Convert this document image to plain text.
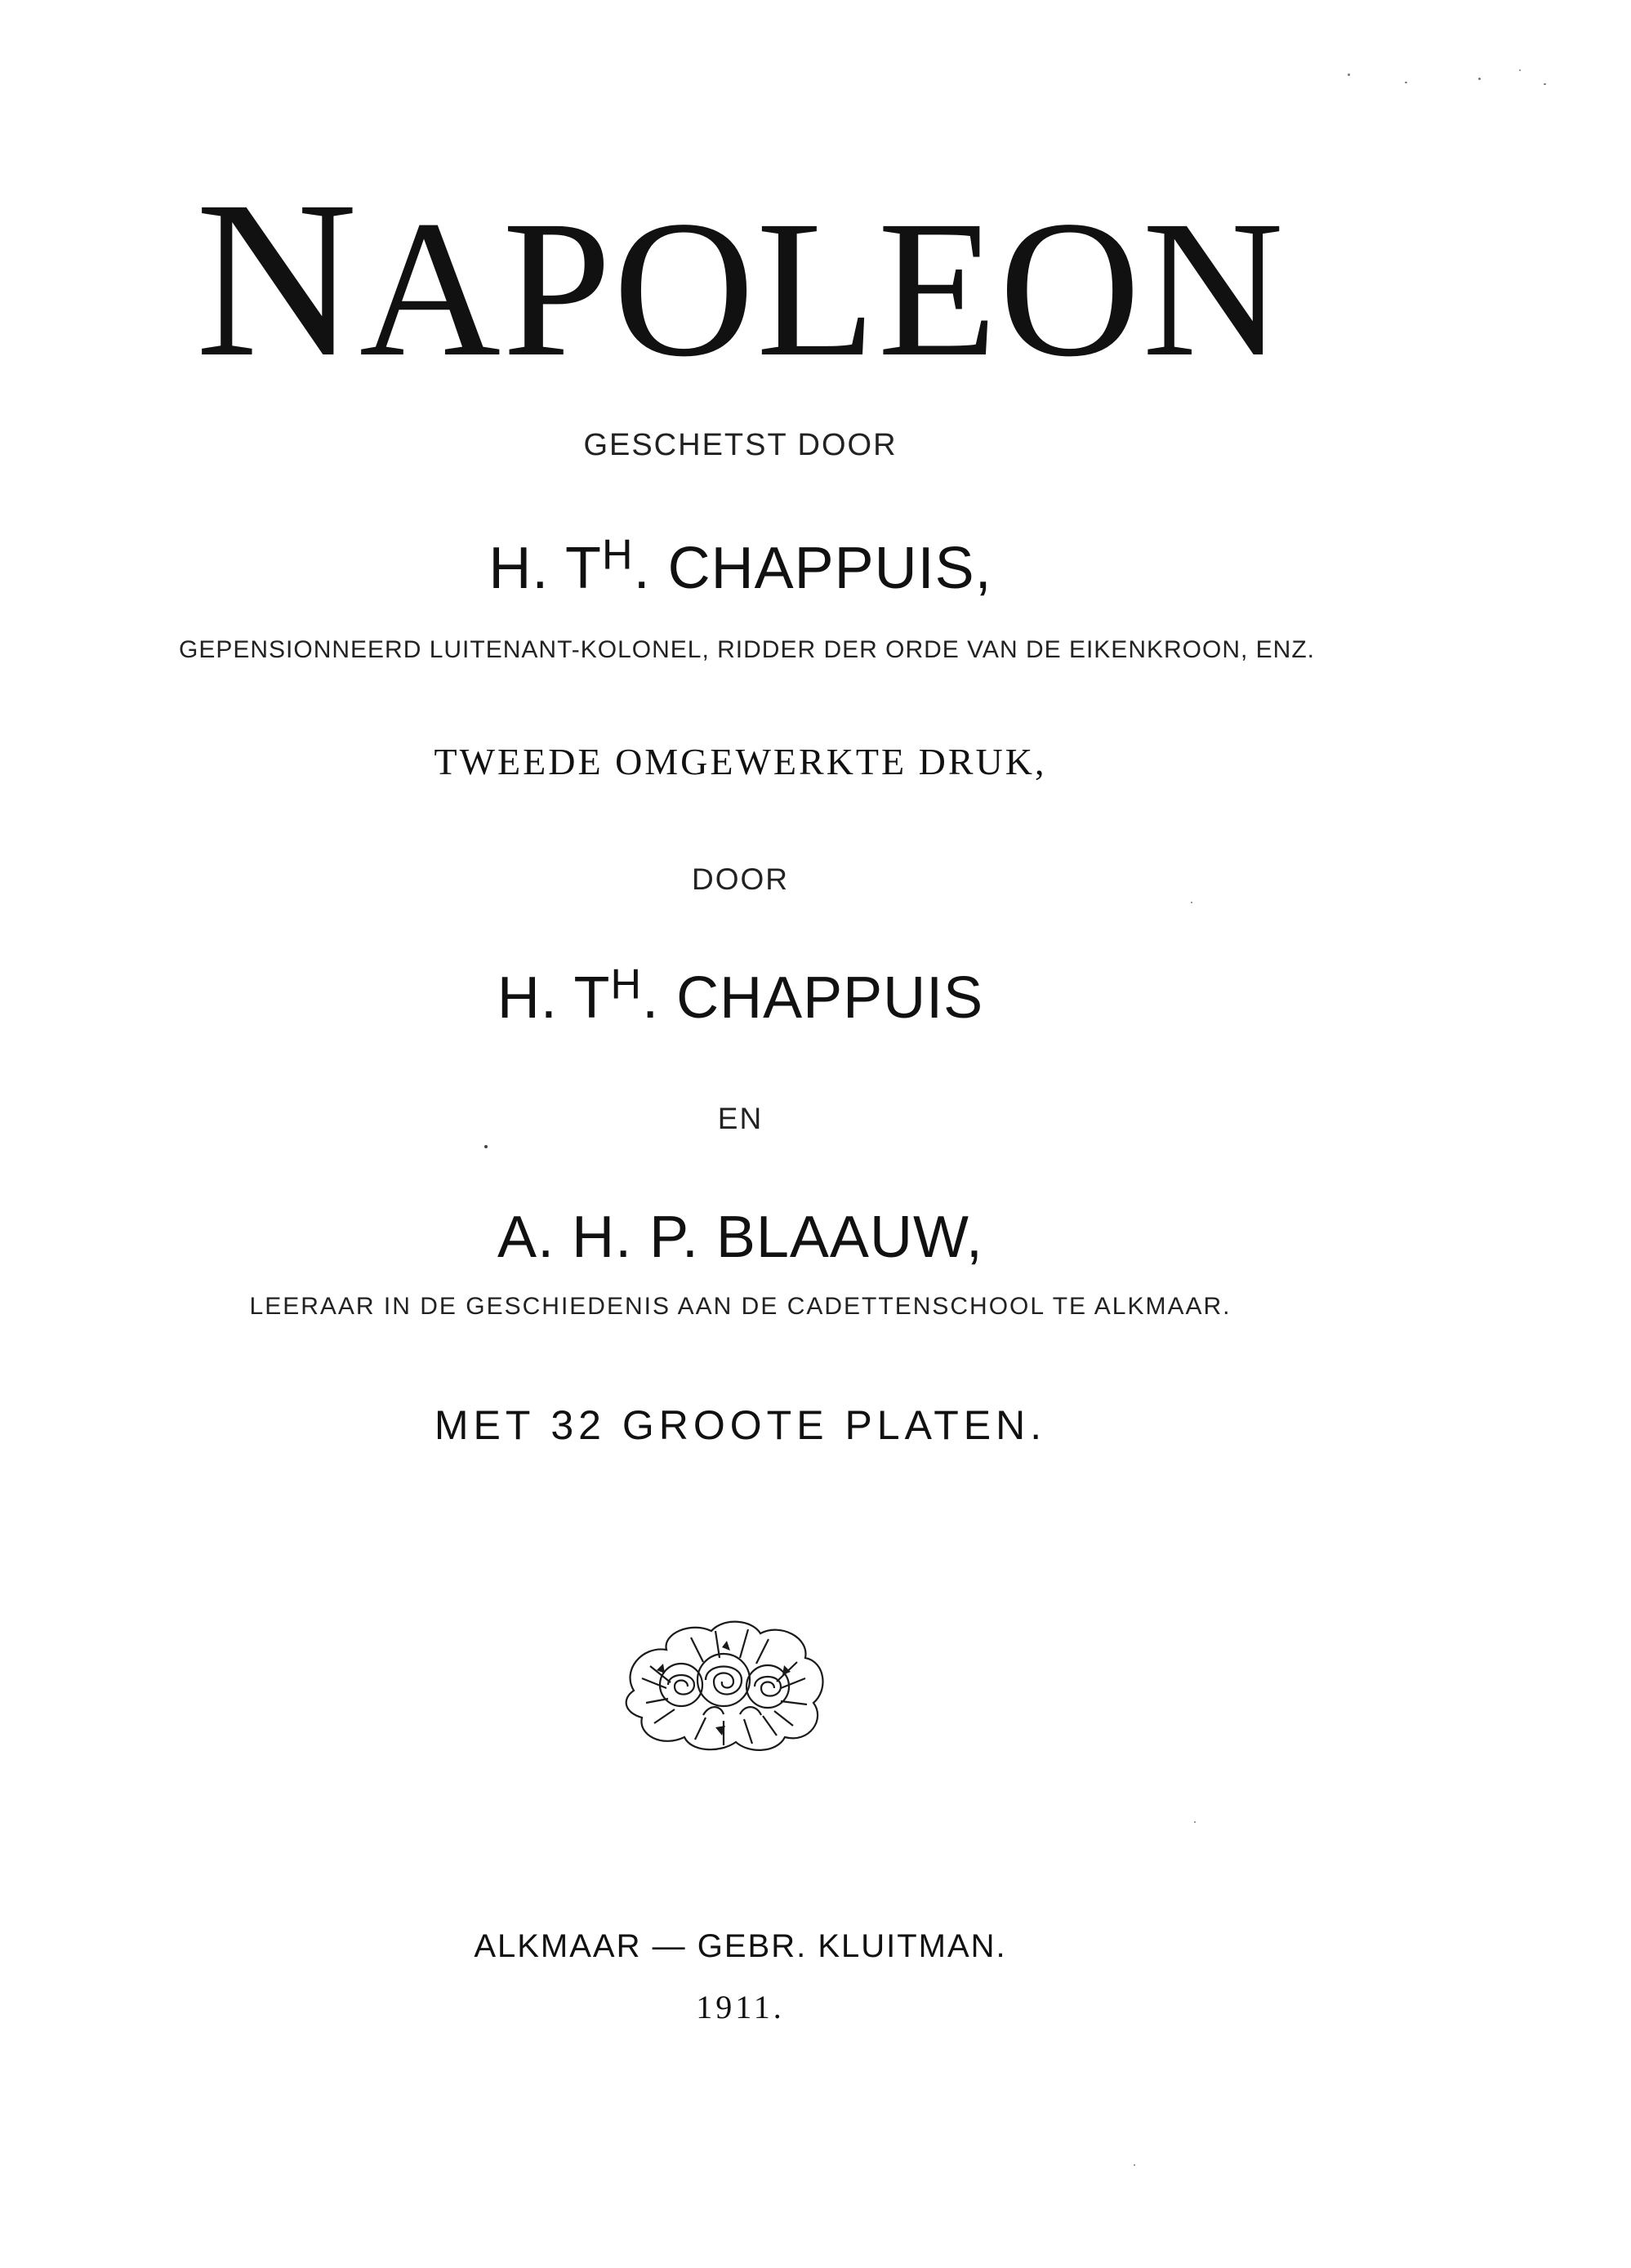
NAPOLEON
GESCHETST DOOR
H. $T^H$. CHAPPUIS,
GEPENSIONNEERD LUITENANT-KOLONEL, RIDDER DER ORDE VAN DE EIKENKROON, ENZ.
TWEEDE OMGEWERKTE DRUK,
DOOR
H. $T^H$. CHAPPUIS
EN
A. H. P. BLAAUW,
LEERAAR IN DE GESCHIEDENIS AAN DE CADETTENSCHOOL TE ALKMAAR.
MET 32 GROOTE PLATEN.
ALKMAAR — GEBR. KLUITMAN.
1911.
